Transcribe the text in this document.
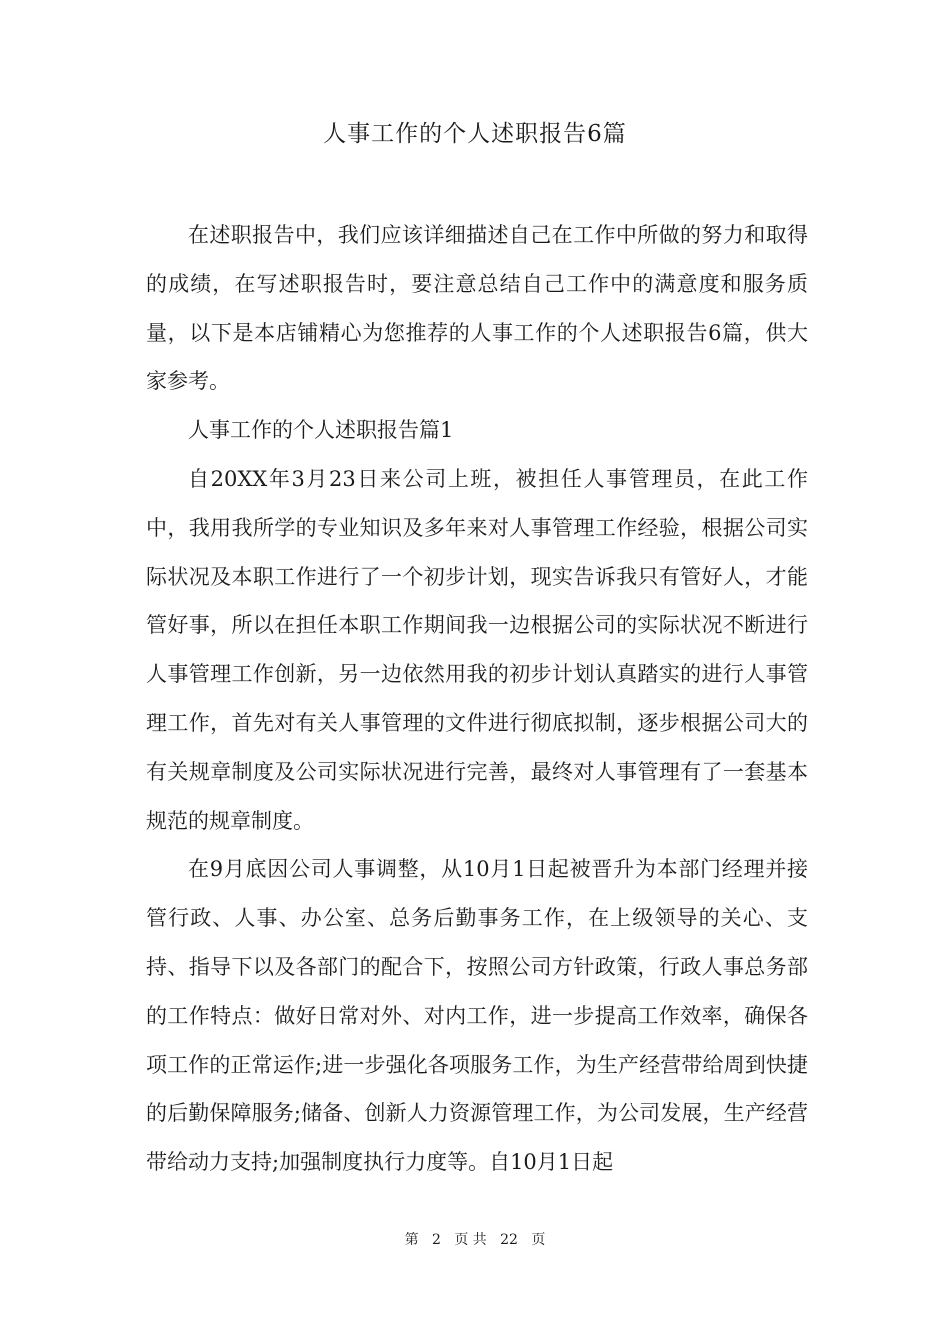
人事工作的个人述职报告6篇

在述职报告中，我们应该详细描述自己在工作中所做的努力和取得的成绩，在写述职报告时，要注意总结自己工作中的满意度和服务质量，以下是本店铺精心为您推荐的人事工作的个人述职报告6篇，供大家参考。

人事工作的个人述职报告篇1

自20XX年3月23日来公司上班，被担任人事管理员，在此工作中，我用我所学的专业知识及多年来对人事管理工作经验，根据公司实际状况及本职工作进行了一个初步计划，现实告诉我只有管好人，才能管好事，所以在担任本职工作期间我一边根据公司的实际状况不断进行人事管理工作创新，另一边依然用我的初步计划认真踏实的进行人事管理工作，首先对有关人事管理的文件进行彻底拟制，逐步根据公司大的有关规章制度及公司实际状况进行完善，最终对人事管理有了一套基本规范的规章制度。

在9月底因公司人事调整，从10月1日起被晋升为本部门经理并接管行政、人事、办公室、总务后勤事务工作，在上级领导的关心、支持、指导下以及各部门的配合下，按照公司方针政策，行政人事总务部的工作特点：做好日常对外、对内工作，进一步提高工作效率，确保各项工作的正常运作;进一步强化各项服务工作，为生产经营带给周到快捷的后勤保障服务;储备、创新人力资源管理工作，为公司发展，生产经营带给动力支持;加强制度执行力度等。自10月1日起

第 2 页 共 22 页
